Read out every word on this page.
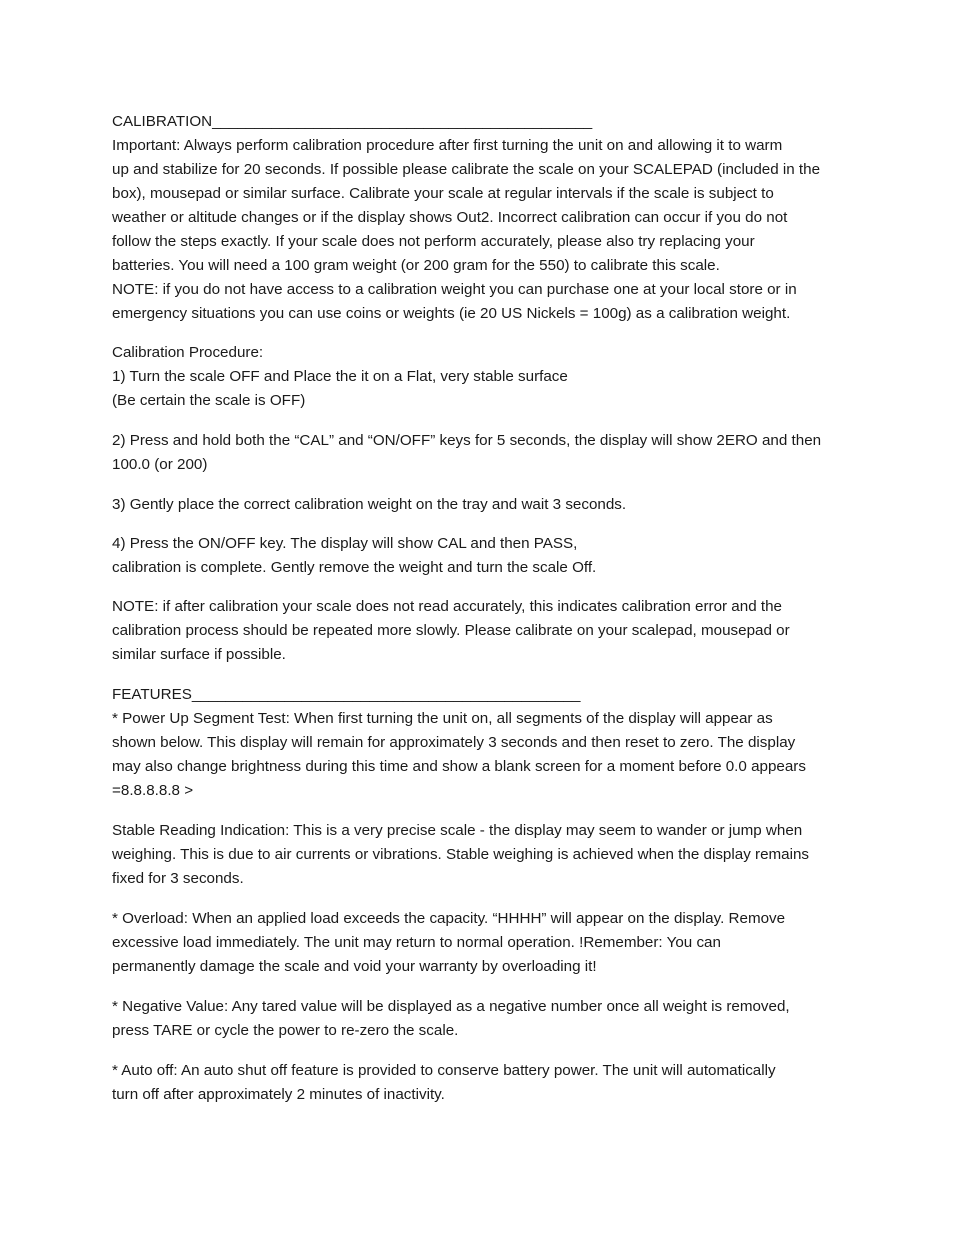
CALIBRATION_____________________________________________
Important: Always perform calibration procedure after first turning the unit on and allowing it to warm
up and stabilize for 20 seconds. If possible please calibrate the scale on your SCALEPAD (included in the
box), mousepad or similar surface. Calibrate your scale at regular intervals if the scale is subject to
weather or altitude changes or if the display shows Out2. Incorrect calibration can occur if you do not
follow the steps exactly. If your scale does not perform accurately, please also try replacing your
batteries. You will need a 100 gram weight (or 200 gram for the 550) to calibrate this scale.
NOTE: if you do not have access to a calibration weight you can purchase one at your local store or in
emergency situations you can use coins or weights (ie 20 US Nickels = 100g) as a calibration weight.
Calibration Procedure:
1) Turn the scale OFF and Place the it on a Flat, very stable surface
(Be certain the scale is OFF)
2) Press and hold both the “CAL” and “ON/OFF” keys for 5 seconds, the display will show 2ERO and then
100.0 (or 200)
3) Gently place the correct calibration weight on the tray and wait 3 seconds.
4) Press the ON/OFF key. The display will show CAL and then PASS,
calibration is complete. Gently remove the weight and turn the scale Off.
NOTE: if after calibration your scale does not read accurately, this indicates calibration error and the
calibration process should be repeated more slowly. Please calibrate on your scalepad, mousepad or
similar surface if possible.
FEATURES______________________________________________
* Power Up Segment Test: When first turning the unit on, all segments of the display will appear as
shown below. This display will remain for approximately 3 seconds and then reset to zero. The display
may also change brightness during this time and show a blank screen for a moment before 0.0 appears
=8.8.8.8.8 >
Stable Reading Indication: This is a very precise scale - the display may seem to wander or jump when
weighing. This is due to air currents or vibrations. Stable weighing is achieved when the display remains
fixed for 3 seconds.
* Overload: When an applied load exceeds the capacity. “HHHH” will appear on the display. Remove
excessive load immediately. The unit may return to normal operation. !Remember: You can
permanently damage the scale and void your warranty by overloading it!
* Negative Value: Any tared value will be displayed as a negative number once all weight is removed,
press TARE or cycle the power to re-zero the scale.
* Auto off: An auto shut off feature is provided to conserve battery power. The unit will automatically
turn off after approximately 2 minutes of inactivity.
